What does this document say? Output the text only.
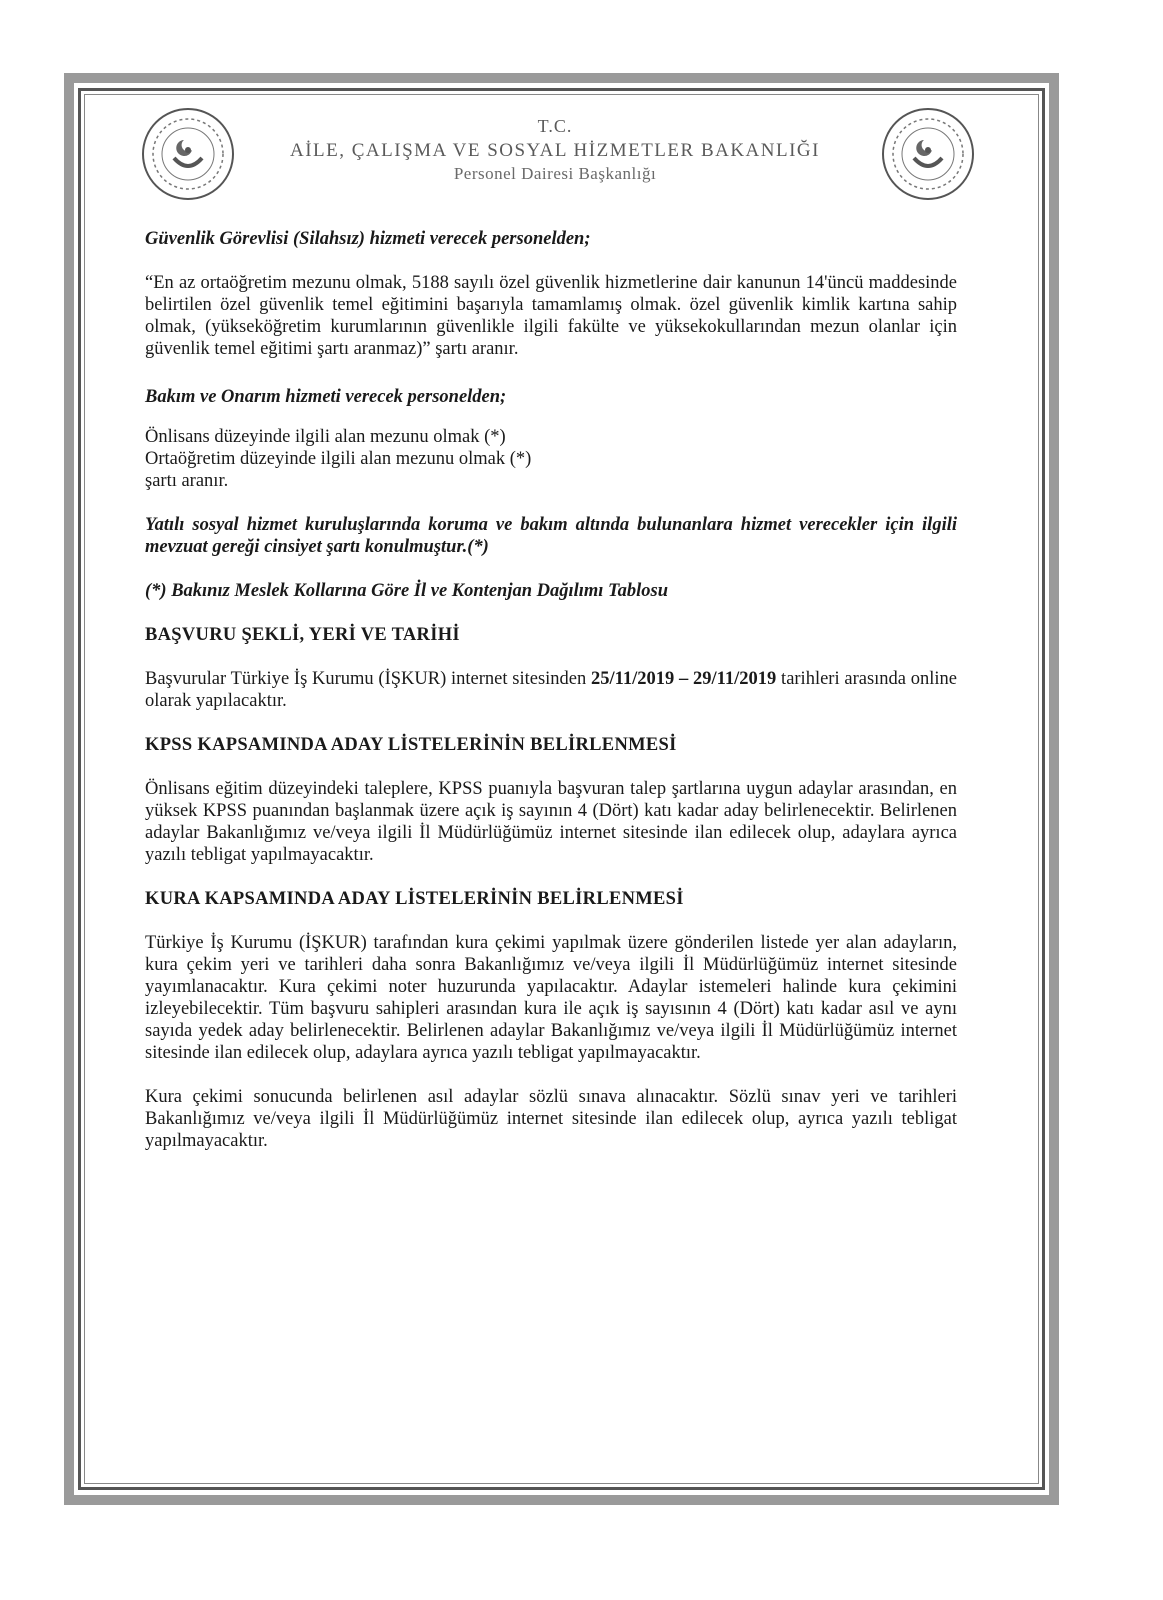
T.C.
AİLE, ÇALIŞMA VE SOSYAL HİZMETLER BAKANLIĞI
Personel Dairesi Başkanlığı

Güvenlik Görevlisi (Silahsız) hizmeti verecek personelden;

“En az ortaöğretim mezunu olmak, 5188 sayılı özel güvenlik hizmetlerine dair kanunun 14'üncü maddesinde belirtilen özel güvenlik temel eğitimini başarıyla tamamlamış olmak. özel güvenlik kimlik kartına sahip olmak, (yükseköğretim kurumlarının güvenlikle ilgili fakülte ve yüksekokullarından mezun olanlar için güvenlik temel eğitimi şartı aranmaz)” şartı aranır.

Bakım ve Onarım hizmeti verecek personelden;

Önlisans düzeyinde ilgili alan mezunu olmak (*)

Ortaöğretim düzeyinde ilgili alan mezunu olmak (*)

şartı aranır.

Yatılı sosyal hizmet kuruluşlarında koruma ve bakım altında bulunanlara hizmet verecekler için ilgili mevzuat gereği cinsiyet şartı konulmuştur.(*)

(*) Bakınız Meslek Kollarına Göre İl ve Kontenjan Dağılımı Tablosu

BAŞVURU ŞEKLİ, YERİ VE TARİHİ

Başvurular Türkiye İş Kurumu (İŞKUR) internet sitesinden 25/11/2019 – 29/11/2019 tarihleri arasında online olarak yapılacaktır.

KPSS KAPSAMINDA ADAY LİSTELERİNİN BELİRLENMESİ

Önlisans eğitim düzeyindeki taleplere, KPSS puanıyla başvuran talep şartlarına uygun adaylar arasından, en yüksek KPSS puanından başlanmak üzere açık iş sayının 4 (Dört) katı kadar aday belirlenecektir. Belirlenen adaylar Bakanlığımız ve/veya ilgili İl Müdürlüğümüz internet sitesinde ilan edilecek olup, adaylara ayrıca yazılı tebligat yapılmayacaktır.

KURA KAPSAMINDA ADAY LİSTELERİNİN BELİRLENMESİ

Türkiye İş Kurumu (İŞKUR) tarafından kura çekimi yapılmak üzere gönderilen listede yer alan adayların, kura çekim yeri ve tarihleri daha sonra Bakanlığımız ve/veya ilgili İl Müdürlüğümüz internet sitesinde yayımlanacaktır. Kura çekimi noter huzurunda yapılacaktır. Adaylar istemeleri halinde kura çekimini izleyebilecektir. Tüm başvuru sahipleri arasından kura ile açık iş sayısının 4 (Dört) katı kadar asıl ve aynı sayıda yedek aday belirlenecektir. Belirlenen adaylar Bakanlığımız ve/veya ilgili İl Müdürlüğümüz internet sitesinde ilan edilecek olup, adaylara ayrıca yazılı tebligat yapılmayacaktır.

Kura çekimi sonucunda belirlenen asıl adaylar sözlü sınava alınacaktır. Sözlü sınav yeri ve tarihleri Bakanlığımız ve/veya ilgili İl Müdürlüğümüz internet sitesinde ilan edilecek olup, ayrıca yazılı tebligat yapılmayacaktır.
